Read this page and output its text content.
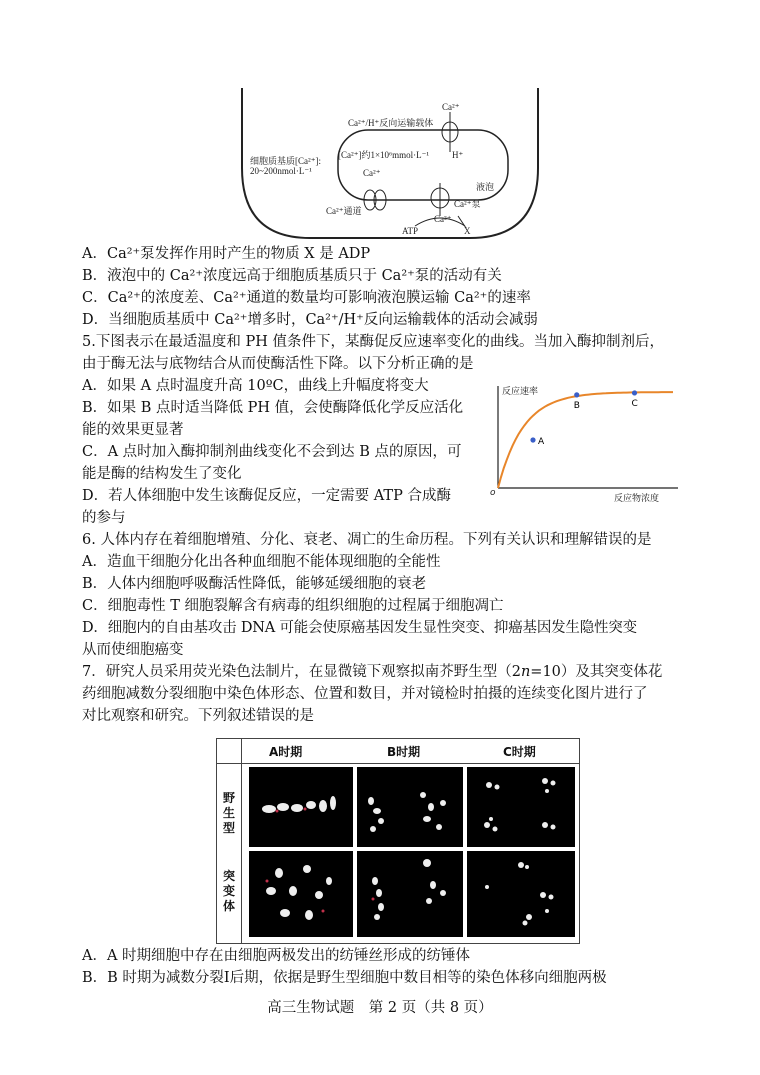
Ca²⁺/H⁺反向运输载体
Ca²⁺
H⁺
[Ca²⁺]约1×10⁶mmol·L⁻¹
细胞质基质[Ca²⁺]:
20~200nmol·L⁻¹
液泡
Ca²⁺
Ca²⁺通道
Ca²⁺泵
Ca²⁺
ATP	X
A．Ca²⁺泵发挥作用时产生的物质 X 是 ADP
B．液泡中的 Ca²⁺浓度远高于细胞质基质只于 Ca²⁺泵的活动有关
C．Ca²⁺的浓度差、Ca²⁺通道的数量均可影响液泡膜运输 Ca²⁺的速率
D．当细胞质基质中 Ca²⁺增多时，Ca²⁺/H⁺反向运输载体的活动会减弱
5.下图表示在最适温度和 PH 值条件下，某酶促反应速率变化的曲线。当加入酶抑制剂后，
由于酶无法与底物结合从而使酶活性下降。以下分析正确的是
A．如果 A 点时温度升高 10ºC，曲线上升幅度将变大
B．如果 B 点时适当降低 PH 值，会使酶降低化学反应活化
能的效果更显著
C．A 点时加入酶抑制剂曲线变化不会到达 B 点的原因，可
能是酶的结构发生了变化
D．若人体细胞中发生该酶促反应，一定需要 ATP 合成酶
的参与
A
B	C
反应速率
反应物浓度
o
6. 人体内存在着细胞增殖、分化、衰老、凋亡的生命历程。下列有关认识和理解错误的是
A．造血干细胞分化出各种血细胞不能体现细胞的全能性
B．人体内细胞呼吸酶活性降低，能够延缓细胞的衰老
C．细胞毒性 T 细胞裂解含有病毒的组织细胞的过程属于细胞凋亡
D．细胞内的自由基攻击 DNA 可能会使原癌基因发生显性突变、抑癌基因发生隐性突变
从而使细胞癌变
7．研究人员采用荧光染色法制片，在显微镜下观察拟南芥野生型（2n=10）及其突变体花
药细胞减数分裂细胞中染色体形态、位置和数目，并对镜检时拍摄的连续变化图片进行了
对比观察和研究。下列叙述错误的是
A时期	B时期	C时期
野生型
突变体
A．A 时期细胞中存在由细胞两极发出的纺锤丝形成的纺锤体
B．B 时期为减数分裂Ⅰ后期，依据是野生型细胞中数目相等的染色体移向细胞两极
高三生物试题　第 2 页（共 8 页）
